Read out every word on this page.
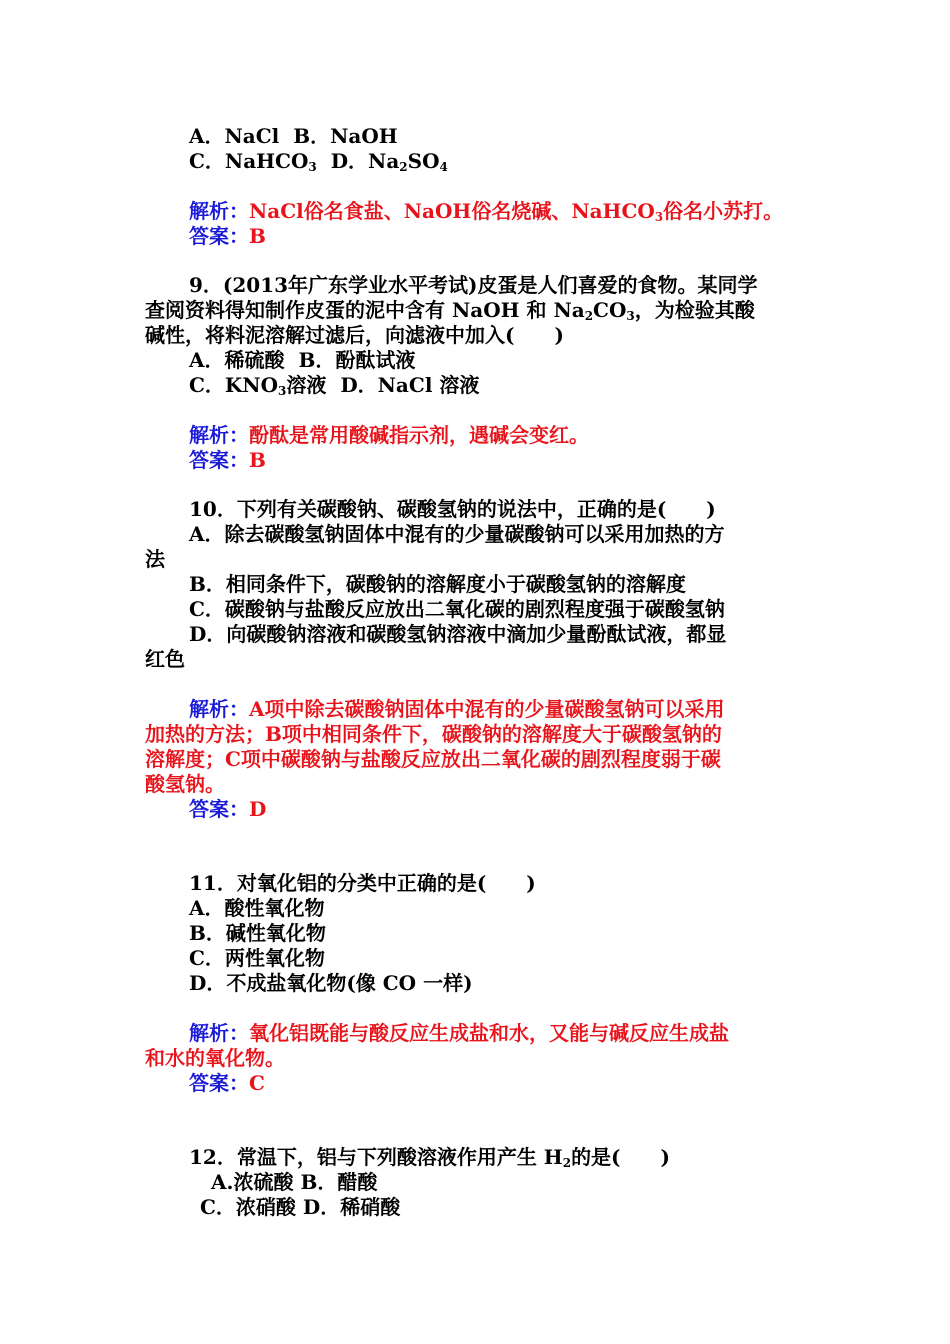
A．NaCl B．NaOH
C．NaHCO$_3$ D．$Na_2SO_4$
解析：NaCl俗名食盐、NaOH俗名烧碱、NaHCO$_3$俗名小苏打。
答案：B
9．(2013年广东学业水平考试)皮蛋是人们喜爱的食物。某同学
查阅资料得知制作皮蛋的泥中含有 NaOH 和 $Na_2CO_3$，为检验其酸
碱性，将料泥溶解过滤后，向滤液中加入(　　)
A．稀硫酸 B．酚酞试液
C．$KNO_3$溶液 D．NaCl 溶液
解析：酚酞是常用酸碱指示剂，遇碱会变红。
答案：B
10．下列有关碳酸钠、碳酸氢钠的说法中，正确的是(　　)
A．除去碳酸氢钠固体中混有的少量碳酸钠可以采用加热的方
法
B．相同条件下，碳酸钠的溶解度小于碳酸氢钠的溶解度
C．碳酸钠与盐酸反应放出二氧化碳的剧烈程度强于碳酸氢钠
D．向碳酸钠溶液和碳酸氢钠溶液中滴加少量酚酞试液，都显
红色
解析：A项中除去碳酸钠固体中混有的少量碳酸氢钠可以采用
加热的方法；B项中相同条件下，碳酸钠的溶解度大于碳酸氢钠的
溶解度；C项中碳酸钠与盐酸反应放出二氧化碳的剧烈程度弱于碳
酸氢钠。
答案：D
11．对氧化铝的分类中正确的是(　　)
A．酸性氧化物
B．碱性氧化物
C．两性氧化物
D．不成盐氧化物(像 CO 一样)
解析：氧化铝既能与酸反应生成盐和水，又能与碱反应生成盐
和水的氧化物。
答案：C
12．常温下，铝与下列酸溶液作用产生 $H_2$的是(　　)
A.浓硫酸 B．醋酸
C．浓硝酸 D．稀硝酸
